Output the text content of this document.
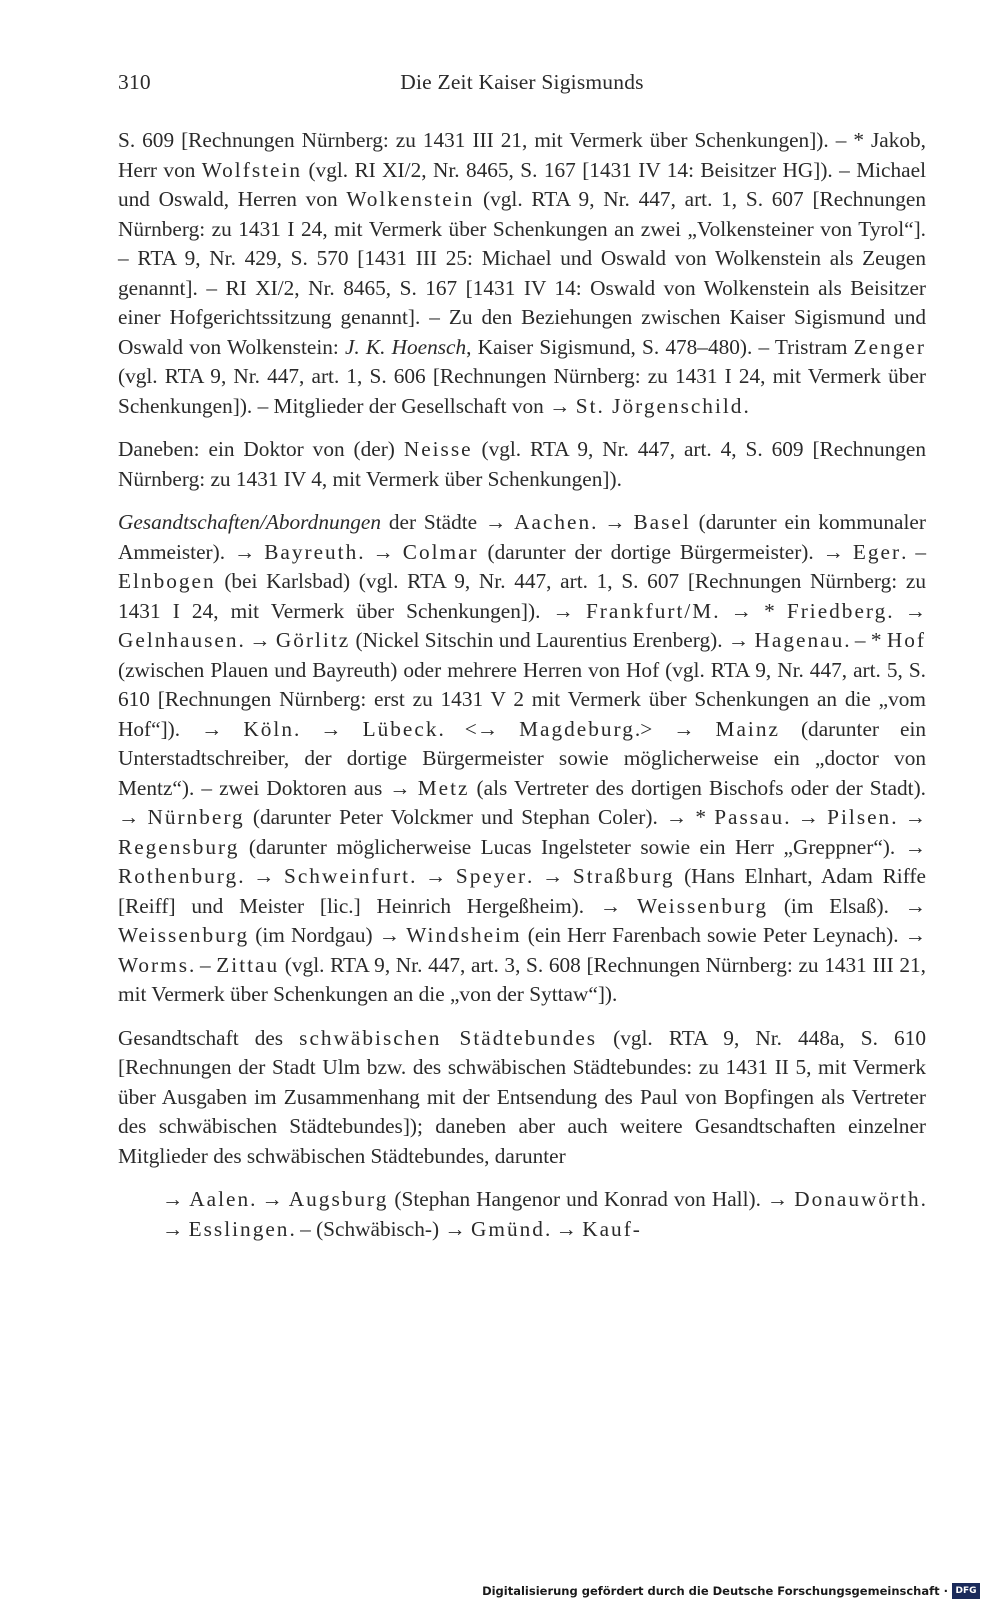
310	Die Zeit Kaiser Sigismunds

S. 609 [Rechnungen Nürnberg: zu 1431 III 21, mit Vermerk über Schenkungen]). – * Jakob, Herr von Wolfstein (vgl. RI XI/2, Nr. 8465, S. 167 [1431 IV 14: Beisitzer HG]). – Michael und Oswald, Herren von Wolkenstein (vgl. RTA 9, Nr. 447, art. 1, S. 607 [Rechnungen Nürnberg: zu 1431 I 24, mit Vermerk über Schenkungen an zwei „Volkensteiner von Tyrol“]. – RTA 9, Nr. 429, S. 570 [1431 III 25: Michael und Oswald von Wolkenstein als Zeugen genannt]. – RI XI/2, Nr. 8465, S. 167 [1431 IV 14: Oswald von Wolkenstein als Beisitzer einer Hofgerichtssitzung genannt]. – Zu den Beziehungen zwischen Kaiser Sigismund und Oswald von Wolkenstein: J. K. Hoensch, Kaiser Sigismund, S. 478–480). – Tristram Zenger (vgl. RTA 9, Nr. 447, art. 1, S. 606 [Rechnungen Nürnberg: zu 1431 I 24, mit Vermerk über Schenkungen]). – Mitglieder der Gesellschaft von → St. Jörgenschild.

Daneben: ein Doktor von (der) Neisse (vgl. RTA 9, Nr. 447, art. 4, S. 609 [Rechnungen Nürnberg: zu 1431 IV 4, mit Vermerk über Schenkungen]).

Gesandtschaften/Abordnungen der Städte → Aachen. → Basel (darunter ein kommunaler Ammeister). → Bayreuth. → Colmar (darunter der dortige Bürgermeister). → Eger. – Elnbogen (bei Karlsbad) (vgl. RTA 9, Nr. 447, art. 1, S. 607 [Rechnungen Nürnberg: zu 1431 I 24, mit Vermerk über Schenkungen]). → Frankfurt/M. → * Friedberg. → Gelnhausen. → Görlitz (Nickel Sitschin und Laurentius Erenberg). → Hagenau. – * Hof (zwischen Plauen und Bayreuth) oder mehrere Herren von Hof (vgl. RTA 9, Nr. 447, art. 5, S. 610 [Rechnungen Nürnberg: erst zu 1431 V 2 mit Vermerk über Schenkungen an die „vom Hof“]). → Köln. → Lübeck. <→ Magdeburg.> → Mainz (darunter ein Unterstadtschreiber, der dortige Bürgermeister sowie möglicherweise ein „doctor von Mentz“). – zwei Doktoren aus → Metz (als Vertreter des dortigen Bischofs oder der Stadt). → Nürnberg (darunter Peter Volckmer und Stephan Coler). → * Passau. → Pilsen. → Regensburg (darunter möglicherweise Lucas Ingelsteter sowie ein Herr „Greppner“). → Rothenburg. → Schweinfurt. → Speyer. → Straßburg (Hans Elnhart, Adam Riffe [Reiff] und Meister [lic.] Heinrich Hergeßheim). → Weissenburg (im Elsaß). → Weissenburg (im Nordgau) → Windsheim (ein Herr Farenbach sowie Peter Leynach). → Worms. – Zittau (vgl. RTA 9, Nr. 447, art. 3, S. 608 [Rechnungen Nürnberg: zu 1431 III 21, mit Vermerk über Schenkungen an die „von der Syttaw“]).

Gesandtschaft des schwäbischen Städtebundes (vgl. RTA 9, Nr. 448a, S. 610 [Rechnungen der Stadt Ulm bzw. des schwäbischen Städtebundes: zu 1431 II 5, mit Vermerk über Ausgaben im Zusammenhang mit der Entsendung des Paul von Bopfingen als Vertreter des schwäbischen Städtebundes]); daneben aber auch weitere Gesandtschaften einzelner Mitglieder des schwäbischen Städtebundes, darunter

→ Aalen. → Augsburg (Stephan Hangenor und Konrad von Hall). → Donauwörth. → Esslingen. – (Schwäbisch-) → Gmünd. → Kauf-

Digitalisierung gefördert durch die Deutsche Forschungsgemeinschaft · DFG
